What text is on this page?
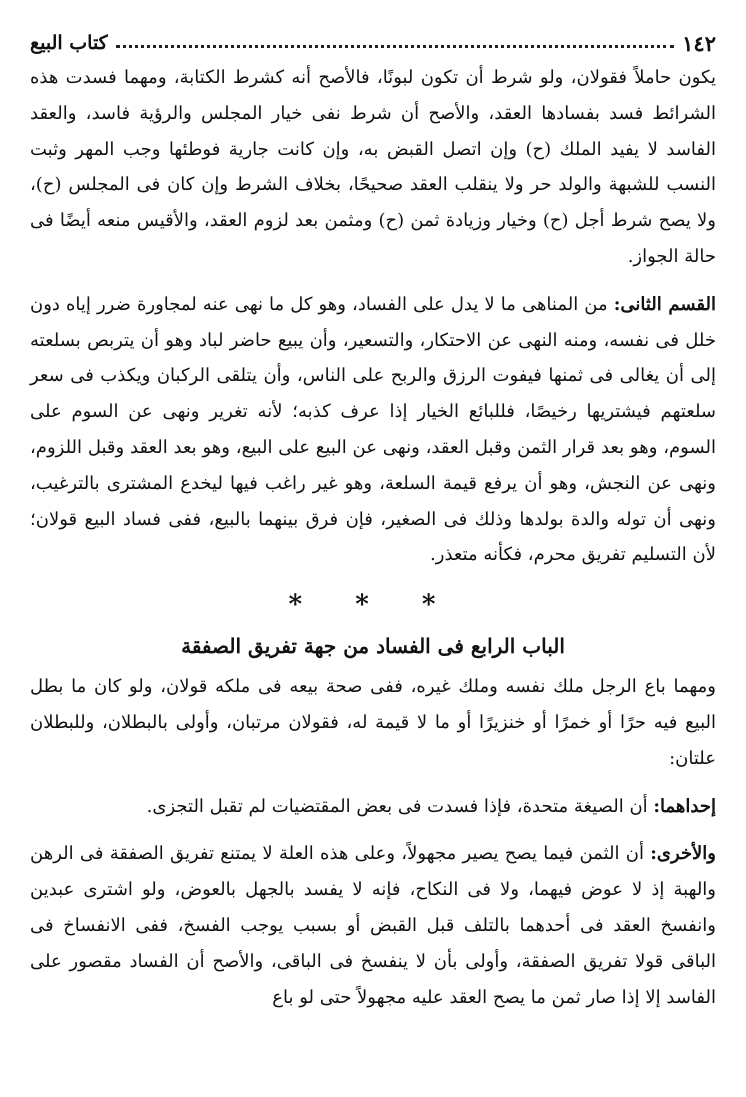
١٤٢
كتاب البيع

يكون حاملاً فقولان، ولو شرط أن تكون لبونًا، فالأصح أنه كشرط الكتابة، ومهما فسدت هذه الشرائط فسد بفسادها العقد، والأصح أن شرط نفى خيار المجلس والرؤية فاسد، والعقد الفاسد لا يفيد الملك (ح) وإن اتصل القبض به، وإن كانت جارية فوطئها وجب المهر وثبت النسب للشبهة والولد حر ولا ينقلب العقد صحيحًا، بخلاف الشرط وإن كان فى المجلس (ح)، ولا يصح شرط أجل (ح) وخيار وزيادة ثمن (ح) ومثمن بعد لزوم العقد، والأقيس منعه أيضًا فى حالة الجواز.

القسم الثانى: من المناهى ما لا يدل على الفساد، وهو كل ما نهى عنه لمجاورة ضرر إياه دون خلل فى نفسه، ومنه النهى عن الاحتكار، والتسعير، وأن يبيع حاضر لباد وهو أن يتربص بسلعته إلى أن يغالى فى ثمنها فيفوت الرزق والربح على الناس، وأن يتلقى الركبان ويكذب فى سعر سلعتهم فيشتريها رخيصًا، فللبائع الخيار إذا عرف كذبه؛ لأنه تغرير ونهى عن السوم على السوم، وهو بعد قرار الثمن وقبل العقد، ونهى عن البيع على البيع، وهو بعد العقد وقبل اللزوم، ونهى عن النجش، وهو أن يرفع قيمة السلعة، وهو غير راغب فيها ليخدع المشترى بالترغيب، ونهى أن توله والدة بولدها وذلك فى الصغير، فإن فرق بينهما بالبيع، ففى فساد البيع قولان؛ لأن التسليم تفريق محرم، فكأنه متعذر.

* * *
الباب الرابع فى الفساد من جهة تفريق الصفقة

ومهما باع الرجل ملك نفسه وملك غيره، ففى صحة بيعه فى ملكه قولان، ولو كان ما بطل البيع فيه حرًا أو خمرًا أو خنزيرًا أو ما لا قيمة له، فقولان مرتبان، وأولى بالبطلان، وللبطلان علتان:

إحداهما: أن الصيغة متحدة، فإذا فسدت فى بعض المقتضيات لم تقبل التجزى.

والأخرى: أن الثمن فيما يصح يصير مجهولاً، وعلى هذه العلة لا يمتنع تفريق الصفقة فى الرهن والهبة إذ لا عوض فيهما، ولا فى النكاح، فإنه لا يفسد بالجهل بالعوض، ولو اشترى عبدين وانفسخ العقد فى أحدهما بالتلف قبل القبض أو بسبب يوجب الفسخ، ففى الانفساخ فى الباقى قولا تفريق الصفقة، وأولى بأن لا ينفسخ فى الباقى، والأصح أن الفساد مقصور على الفاسد إلا إذا صار ثمن ما يصح العقد عليه مجهولاً حتى لو باع
